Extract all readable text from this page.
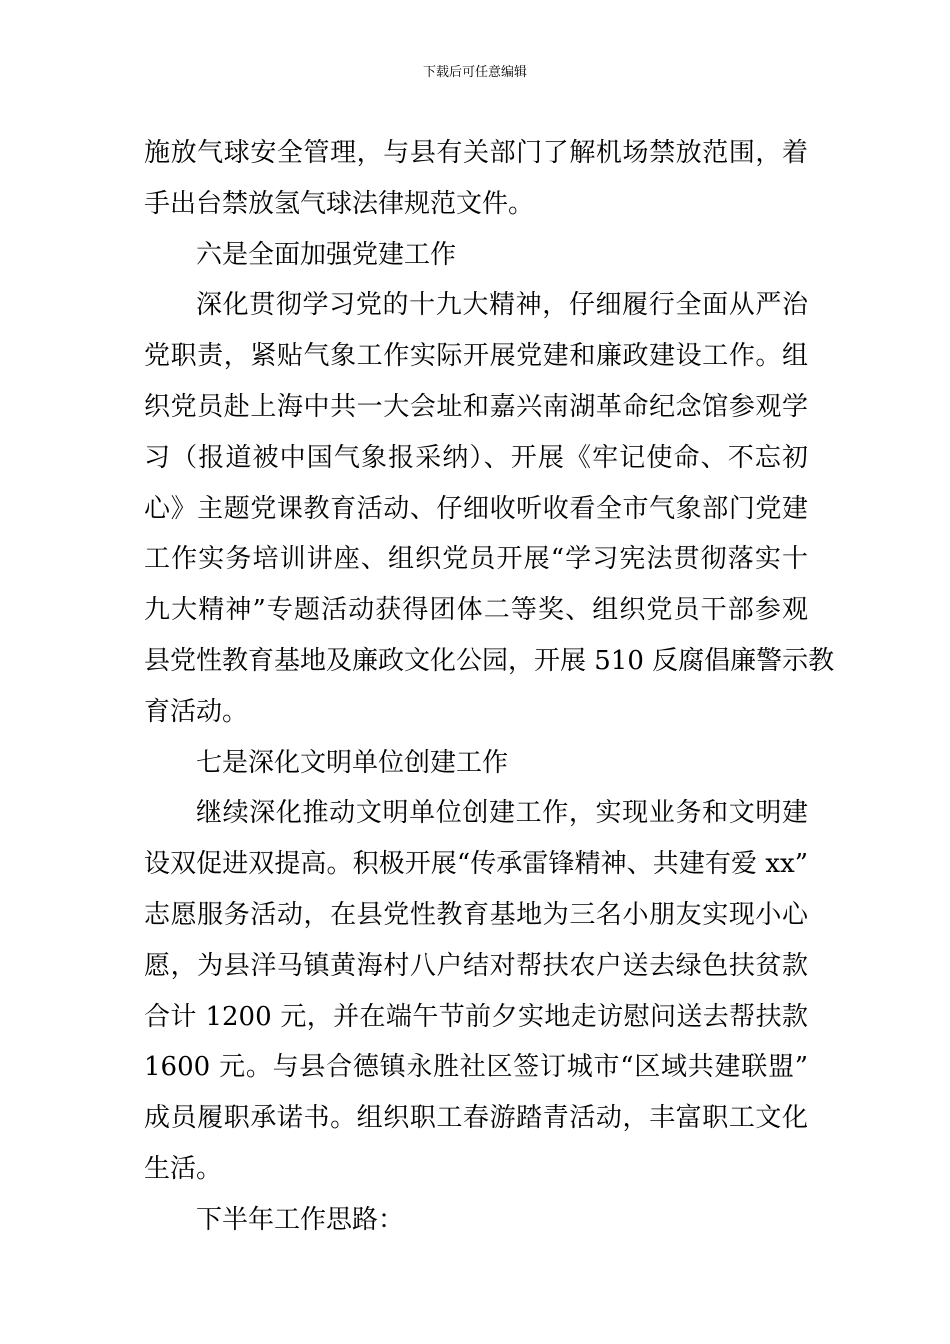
下载后可任意编辑
施放气球安全管理，与县有关部门了解机场禁放范围，着
手出台禁放氢气球法律规范文件。
六是全面加强党建工作
深化贯彻学习党的十九大精神，仔细履行全面从严治
党职责，紧贴气象工作实际开展党建和廉政建设工作。组
织党员赴上海中共一大会址和嘉兴南湖革命纪念馆参观学
习（报道被中国气象报采纳）、开展《牢记使命、不忘初
心》主题党课教育活动、仔细收听收看全市气象部门党建
工作实务培训讲座、组织党员开展“学习宪法贯彻落实十
九大精神”专题活动获得团体二等奖、组织党员干部参观
县党性教育基地及廉政文化公园，开展 510 反腐倡廉警示教
育活动。
七是深化文明单位创建工作
继续深化推动文明单位创建工作，实现业务和文明建
设双促进双提高。积极开展“传承雷锋精神、共建有爱 xx”
志愿服务活动，在县党性教育基地为三名小朋友实现小心
愿，为县洋马镇黄海村八户结对帮扶农户送去绿色扶贫款
合计 1200 元，并在端午节前夕实地走访慰问送去帮扶款
1600 元。与县合德镇永胜社区签订城市“区域共建联盟”
成员履职承诺书。组织职工春游踏青活动，丰富职工文化
生活。
下半年工作思路：
